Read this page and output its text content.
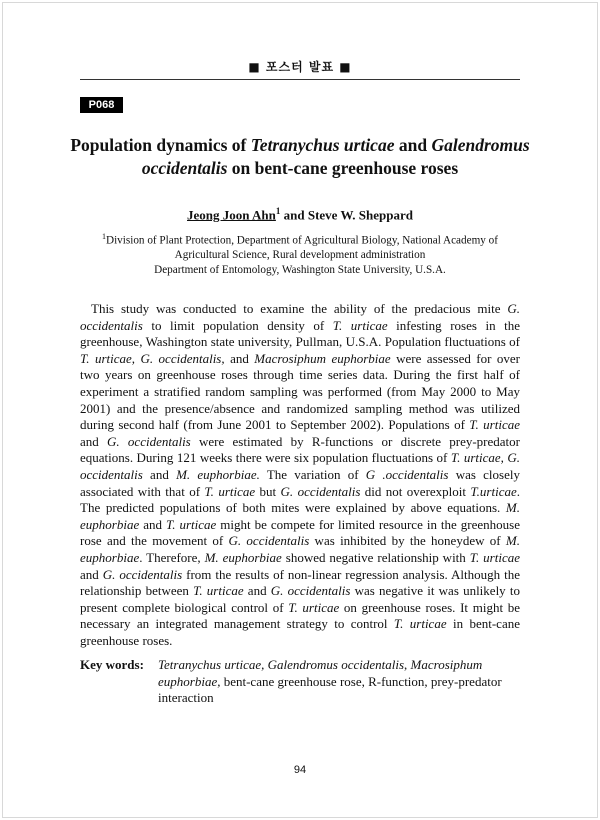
■ 포스터 발표 ■
P068
Population dynamics of Tetranychus urticae and Galendromus occidentalis on bent-cane greenhouse roses
Jeong Joon Ahn$^1$ and Steve W. Sheppard
$^1$Division of Plant Protection, Department of Agricultural Biology, National Academy of
Agricultural Science, Rural development administration
Department of Entomology, Washington State University, U.S.A.

This study was conducted to examine the ability of the predacious mite G. occidentalis to limit population density of T. urticae infesting roses in the greenhouse, Washington state university, Pullman, U.S.A. Population fluctuations of T. urticae, G. occidentalis, and Macrosiphum euphorbiae were assessed for over two years on greenhouse roses through time series data. During the first half of experiment a stratified random sampling was performed (from May 2000 to May 2001) and the presence/absence and randomized sampling method was utilized during second half (from June 2001 to September 2002). Populations of T. urticae and G. occidentalis were estimated by R-functions or discrete prey-predator equations. During 121 weeks there were six population fluctuations of T. urticae, G. occidentalis and M. euphorbiae. The variation of G .occidentalis was closely associated with that of T. urticae but G. occidentalis did not overexploit T.urticae. The predicted populations of both mites were explained by above equations. M. euphorbiae and T. urticae might be compete for limited resource in the greenhouse rose and the movement of G. occidentalis was inhibited by the honeydew of M. euphorbiae. Therefore, M. euphorbiae showed negative relationship with T. urticae and G. occidentalis from the results of non-linear regression analysis. Although the relationship between T. urticae and G. occidentalis was negative it was unlikely to present complete biological control of T. urticae on greenhouse roses. It might be necessary an integrated management strategy to control T. urticae in bent-cane greenhouse roses.

Key words:	Tetranychus urticae, Galendromus occidentalis, Macrosiphum euphorbiae, bent-cane greenhouse rose, R-function, prey-predator interaction
94
